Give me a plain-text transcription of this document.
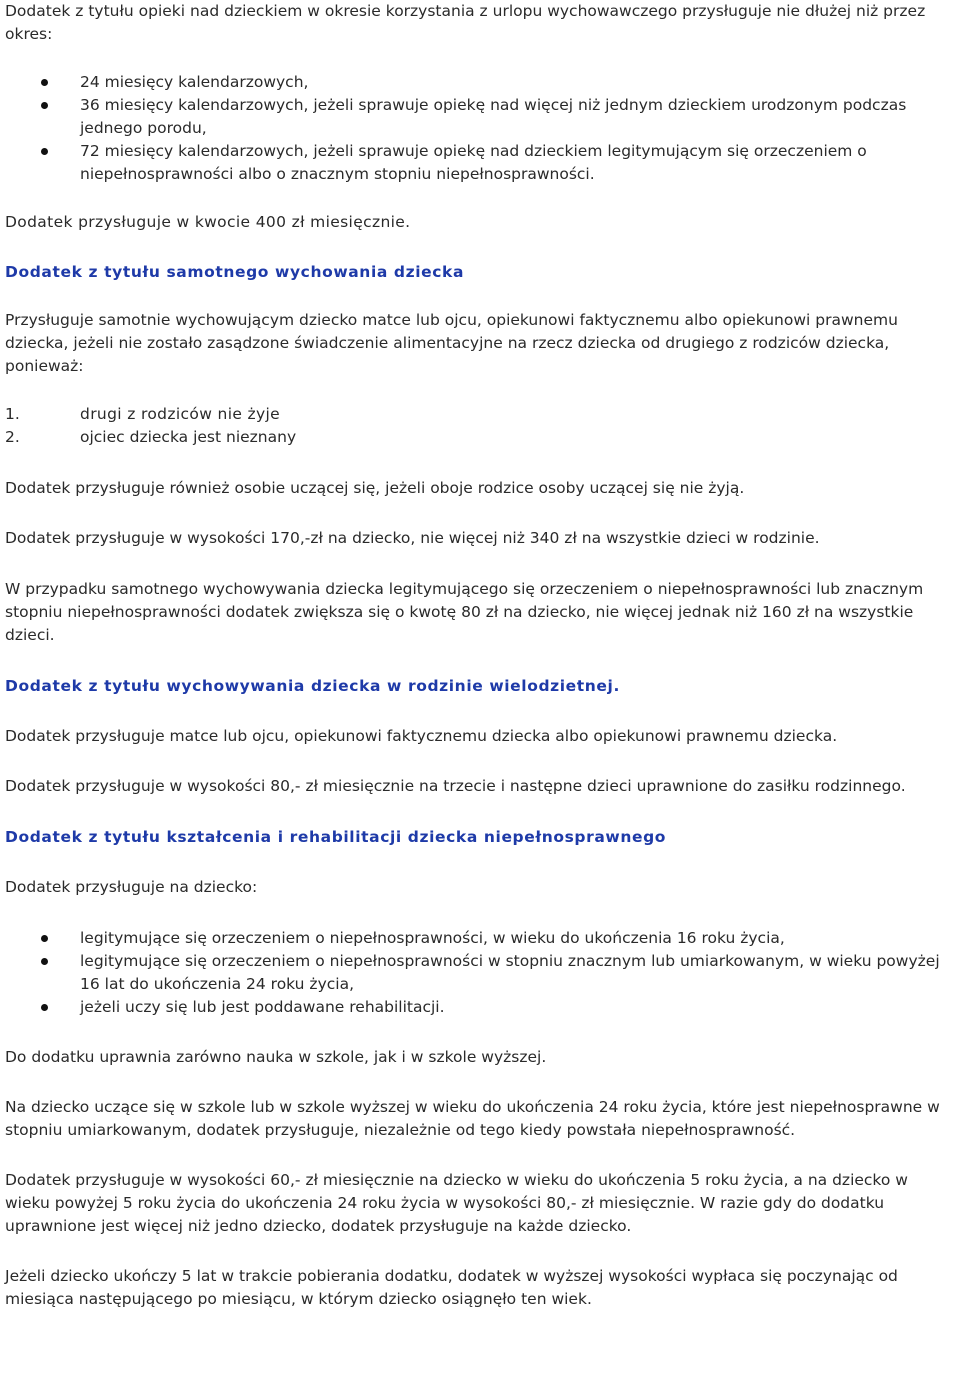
Dodatek z tytułu opieki nad dzieckiem w okresie korzystania z urlopu wychowawczego przysługuje nie dłużej niż przez okres:

24 miesięcy kalendarzowych,
36 miesięcy kalendarzowych, jeżeli sprawuje opiekę nad więcej niż jednym dzieckiem urodzonym podczas jednego porodu,
72 miesięcy kalendarzowych, jeżeli sprawuje opiekę nad dzieckiem legitymującym się orzeczeniem o niepełnosprawności albo o znacznym stopniu niepełnosprawności.

Dodatek przysługuje w kwocie 400 zł miesięcznie.

Dodatek z tytułu samotnego wychowania dziecka

Przysługuje samotnie wychowującym dziecko matce lub ojcu, opiekunowi faktycznemu albo opiekunowi prawnemu dziecka, jeżeli nie zostało zasądzone świadczenie alimentacyjne na rzecz dziecka od drugiego z rodziców dziecka, ponieważ:

1.	drugi z rodziców nie żyje
2.	ojciec dziecka jest nieznany

Dodatek przysługuje również osobie uczącej się, jeżeli oboje rodzice osoby uczącej się nie żyją.

Dodatek przysługuje w wysokości 170,-zł na dziecko, nie więcej niż 340 zł na wszystkie dzieci w rodzinie.

W przypadku samotnego wychowywania dziecka legitymującego się orzeczeniem o niepełnosprawności lub znacznym stopniu niepełnosprawności dodatek zwiększa się o kwotę 80 zł na dziecko, nie więcej jednak niż 160 zł na wszystkie dzieci.

Dodatek z tytułu wychowywania dziecka w rodzinie wielodzietnej.

Dodatek przysługuje matce lub ojcu, opiekunowi faktycznemu dziecka albo opiekunowi prawnemu dziecka.

Dodatek przysługuje w wysokości 80,- zł miesięcznie na trzecie i następne dzieci uprawnione do zasiłku rodzinnego.

Dodatek z tytułu kształcenia i rehabilitacji dziecka niepełnosprawnego

Dodatek przysługuje na dziecko:

legitymujące się orzeczeniem o niepełnosprawności, w wieku do ukończenia 16 roku życia,
legitymujące się orzeczeniem o niepełnosprawności w stopniu znacznym lub umiarkowanym, w wieku powyżej 16 lat do ukończenia 24 roku życia,
jeżeli uczy się lub jest poddawane rehabilitacji.

Do dodatku uprawnia zarówno nauka w szkole, jak i w szkole wyższej.

Na dziecko uczące się w szkole lub w szkole wyższej w wieku do ukończenia 24 roku życia, które jest niepełnosprawne w stopniu umiarkowanym, dodatek przysługuje, niezależnie od tego kiedy powstała niepełnosprawność.

Dodatek przysługuje w wysokości 60,- zł miesięcznie na dziecko w wieku do ukończenia 5 roku życia, a na dziecko w wieku powyżej 5 roku życia do ukończenia 24 roku życia w wysokości 80,- zł miesięcznie. W razie gdy do dodatku uprawnione jest więcej niż jedno dziecko, dodatek przysługuje na każde dziecko.

Jeżeli dziecko ukończy 5 lat w trakcie pobierania dodatku, dodatek w wyższej wysokości wypłaca się poczynając od miesiąca następującego po miesiącu, w którym dziecko osiągnęło ten wiek.
